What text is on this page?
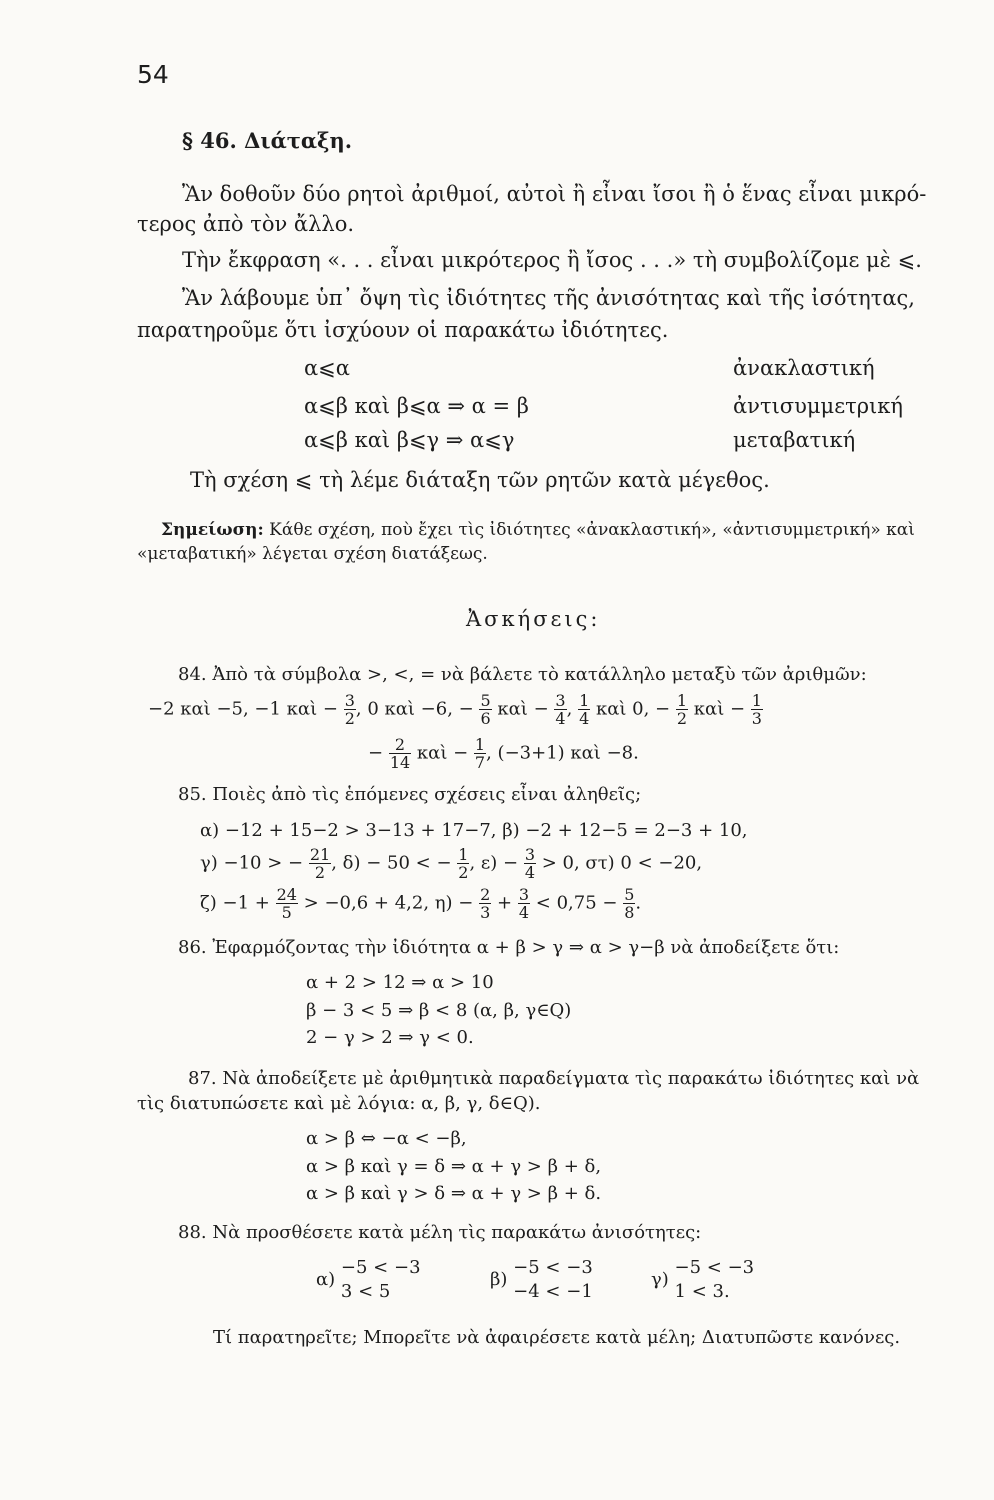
54
§ 46. Διάταξη.
Ἂν δοθοῦν δύο ρητοὶ ἀριθμοί, αὐτοὶ ἢ εἶναι ἴσοι ἢ ὁ ἕνας εἶναι μικρό-
τερος ἀπὸ τὸν ἄλλο.
Τὴν ἔκφραση «. . . εἶναι μικρότερος ἢ ἴσος . . .» τὴ συμβολίζομε μὲ ⩽.
Ἂν λάβουμε ὑπ᾿ ὄψη τὶς ἰδιότητες τῆς ἀνισότητας καὶ τῆς ἰσότητας,
παρατηροῦμε ὅτι ἰσχύουν οἱ παρακάτω ἰδιότητες.
α⩽α	ἀνακλαστική
α⩽β καὶ β⩽α ⇒ α = β	ἀντισυμμετρική
α⩽β καὶ β⩽γ ⇒ α⩽γ	μεταβατική
Τὴ σχέση ⩽ τὴ λέμε διάταξη τῶν ρητῶν κατὰ μέγεθος.
Σημείωση: Κάθε σχέση, ποὺ ἔχει τὶς ἰδιότητες «ἀνακλαστική», «ἀντισυμμετρική» καὶ
«μεταβατική» λέγεται σχέση διατάξεως.
Ἀσκήσεις:
84. Ἀπὸ τὰ σύμβολα >, <, = νὰ βάλετε τὸ κατάλληλο μεταξὺ τῶν ἀριθμῶν:
−2 καὶ −5, −1 καὶ − $\frac{3}{2}$ , 0 καὶ −6, − $\frac{5}{6}$ καὶ − $\frac{3}{4}$ , $\frac{1}{4}$ καὶ 0, − $\frac{1}{2}$ καὶ − $\frac{1}{3}$
− $\frac{2}{14}$ καὶ − $\frac{1}{7}$ , (−3+1) καὶ −8.
85. Ποιὲς ἀπὸ τὶς ἑπόμενες σχέσεις εἶναι ἀληθεῖς;
α) −12 + 15−2 > 3−13 + 17−7, β) −2 + 12−5 = 2−3 + 10,
γ) −10 > − $\frac{21}{2}$ , δ) − 50 < − $\frac{1}{2}$ , $\varepsilon) - \frac{3}{4} > 0$, στ) 0 < −20,
$\zeta) -1 + \frac{24}{5} > -0,6 + 4,2$, $\eta) - \frac{2}{3} + \frac{3}{4} < 0,75 - \frac{5}{8}$ .
86. Ἐφαρμόζοντας τὴν ἰδιότητα α + β > γ ⇒ α > γ−β νὰ ἀποδείξετε ὅτι:
α + 2 > 12 ⇒ α > 10
β − 3 < 5 ⇒ β < 8 (α, β, γ∈Q)
2 − γ > 2 ⇒ γ < 0.
87. Νὰ ἀποδείξετε μὲ ἀριθμητικὰ παραδείγματα τὶς παρακάτω ἰδιότητες καὶ νὰ
τὶς διατυπώσετε καὶ μὲ λόγια: α, β, γ, δ∈Q).
α > β ⇔ −α < −β,
α > β καὶ γ = δ ⇒ α + γ > β + δ,
α > β καὶ γ > δ ⇒ α + γ > β + δ.
88. Νὰ προσθέσετε κατὰ μέλη τὶς παρακάτω ἀνισότητες:
α)
−5 < −3
3 < 5
β)
−5 < −3
−4 < −1
γ)
−5 < −3
1 < 3.
Τί παρατηρεῖτε; Μπορεῖτε νὰ ἀφαιρέσετε κατὰ μέλη; Διατυπῶστε κανόνες.
